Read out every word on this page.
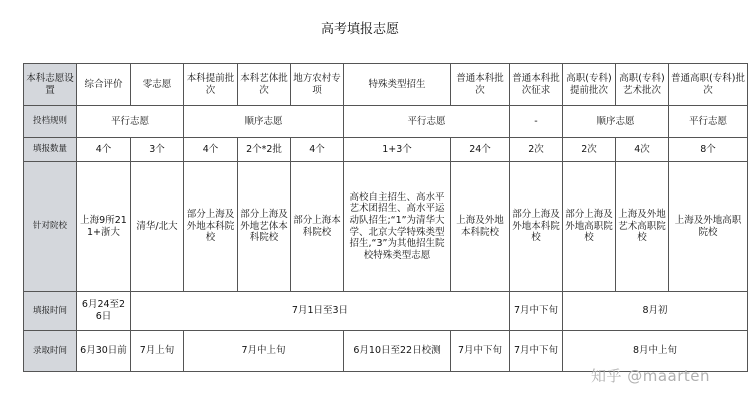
高考填报志愿
本科志愿设置	综合评价	零志愿	本科提前批次	本科艺体批次	地方农村专项	特殊类型招生	普通本科批次	普通本科批次征求	高职(专科)提前批次	高职(专科)艺术批次	普通高职(专科)批次
投档规则	平行志愿		顺序志愿			平行志愿		-	顺序志愿		平行志愿
填报数量	4个	3个	4个	2个*2批	4个	1+3个	24个	2次	2次	4次	8个
针对院校	上海9所211+浙大	清华/北大	部分上海及外地本科院校	部分上海及外地艺体本科院校	部分上海本科院校	高校自主招生、高水平艺术团招生、高水平运动队招生;“1”为清华大学、北京大学特殊类型招生,“3”为其他招生院校特殊类型志愿	上海及外地本科院校	部分上海及外地本科院校	部分上海及外地高职院校	上海及外地艺术高职院校	上海及外地高职院校
填报时间	6月24至26日	7月1日至3日						7月中下旬	8月初		
录取时间	6月30日前	7月上旬	7月中上旬			6月10日至22日校测	7月中下旬	7月中下旬	8月中上旬		
知乎 @maarten
